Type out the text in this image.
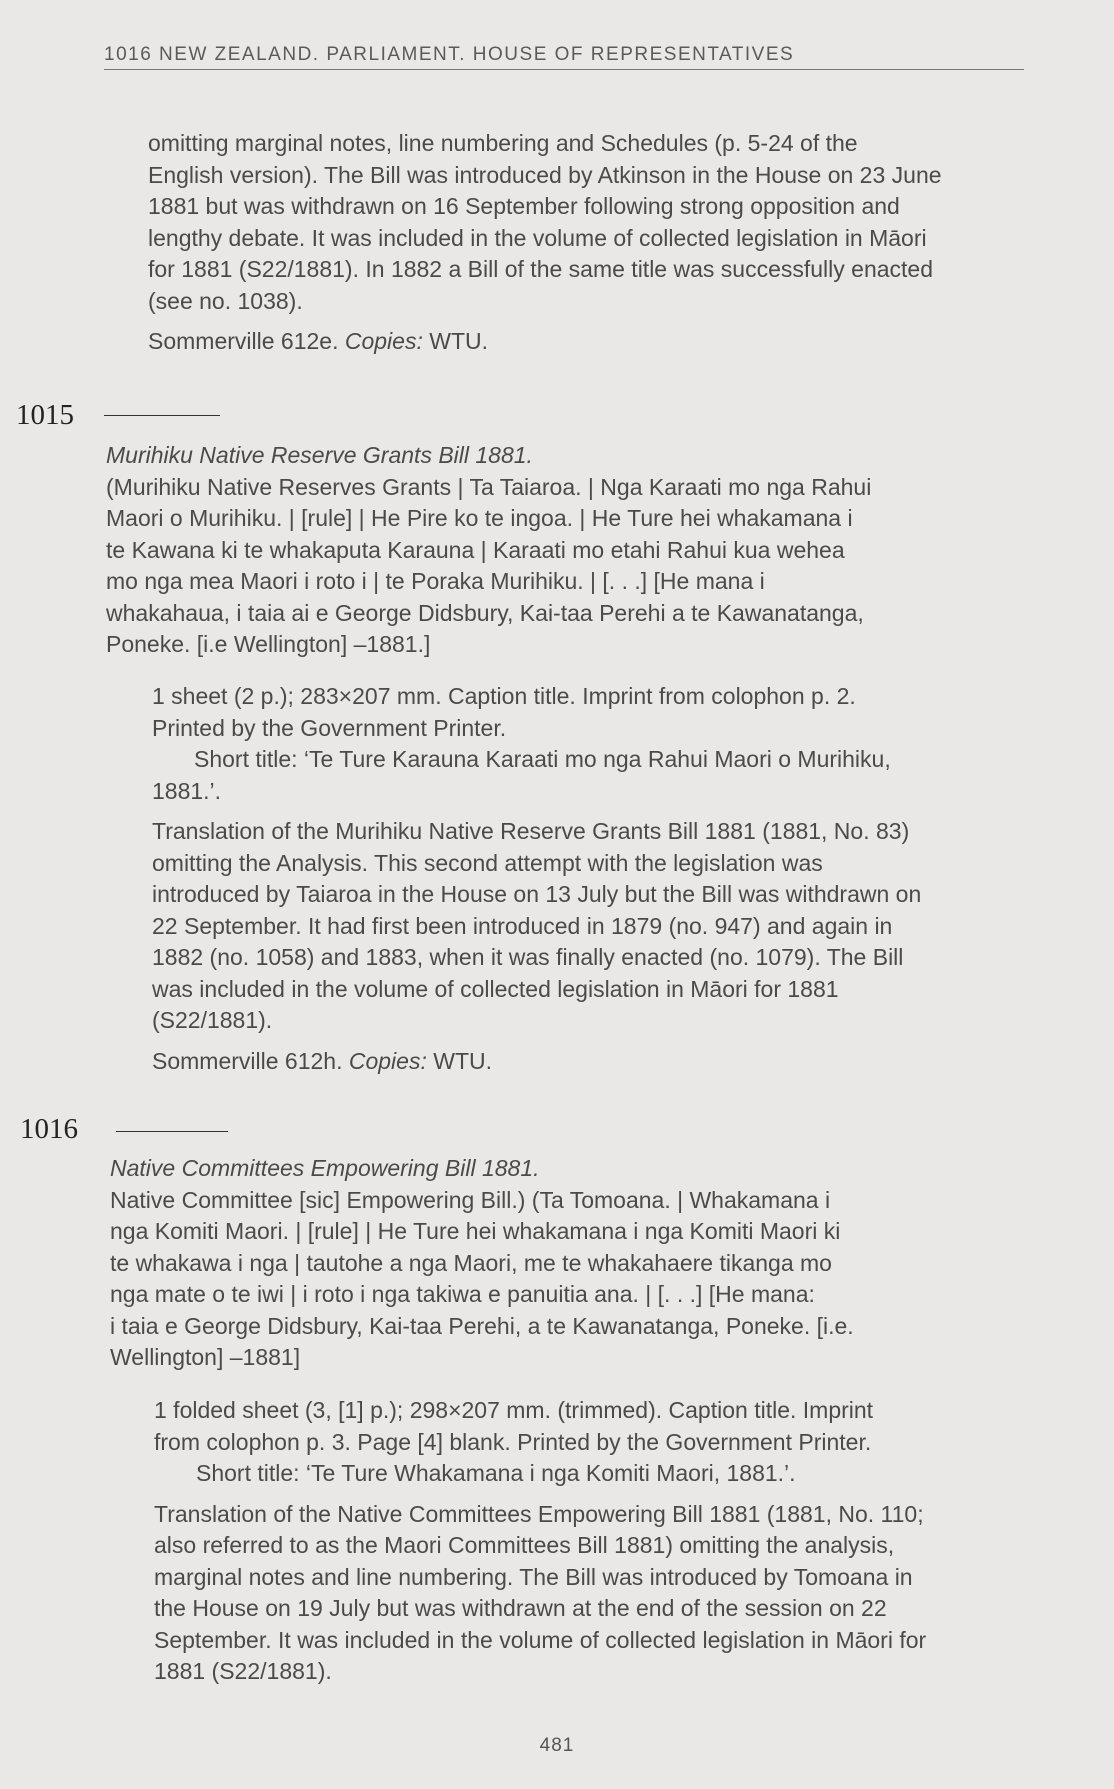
1016 NEW ZEALAND. PARLIAMENT. HOUSE OF REPRESENTATIVES

omitting marginal notes, line numbering and Schedules (p. 5-24 of the

English version). The Bill was introduced by Atkinson in the House on 23 June

1881 but was withdrawn on 16 September following strong opposition and

lengthy debate. It was included in the volume of collected legislation in Māori

for 1881 (S22/1881). In 1882 a Bill of the same title was successfully enacted

(see no. 1038).

Sommerville 612e. Copies: WTU.

1015

Murihiku Native Reserve Grants Bill 1881.

(Murihiku Native Reserves Grants | Ta Taiaroa. | Nga Karaati mo nga Rahui

Maori o Murihiku. | [rule] | He Pire ko te ingoa. | He Ture hei whakamana i

te Kawana ki te whakaputa Karauna | Karaati mo etahi Rahui kua wehea

mo nga mea Maori i roto i | te Poraka Murihiku. | [. . .] [He mana i

whakahaua, i taia ai e George Didsbury, Kai-taa Perehi a te Kawanatanga,

Poneke. [i.e Wellington] –1881.]

1 sheet (2 p.); 283×207 mm. Caption title. Imprint from colophon p. 2.

Printed by the Government Printer.

Short title: ‘Te Ture Karauna Karaati mo nga Rahui Maori o Murihiku,

1881.’.

Translation of the Murihiku Native Reserve Grants Bill 1881 (1881, No. 83)

omitting the Analysis. This second attempt with the legislation was

introduced by Taiaroa in the House on 13 July but the Bill was withdrawn on

22 September. It had first been introduced in 1879 (no. 947) and again in

1882 (no. 1058) and 1883, when it was finally enacted (no. 1079). The Bill

was included in the volume of collected legislation in Māori for 1881

(S22/1881).

Sommerville 612h. Copies: WTU.

1016

Native Committees Empowering Bill 1881.

Native Committee [sic] Empowering Bill.) (Ta Tomoana. | Whakamana i

nga Komiti Maori. | [rule] | He Ture hei whakamana i nga Komiti Maori ki

te whakawa i nga | tautohe a nga Maori, me te whakahaere tikanga mo

nga mate o te iwi | i roto i nga takiwa e panuitia ana. | [. . .] [He mana:

i taia e George Didsbury, Kai-taa Perehi, a te Kawanatanga, Poneke. [i.e.

Wellington] –1881]

1 folded sheet (3, [1] p.); 298×207 mm. (trimmed). Caption title. Imprint

from colophon p. 3. Page [4] blank. Printed by the Government Printer.

Short title: ‘Te Ture Whakamana i nga Komiti Maori, 1881.’.

Translation of the Native Committees Empowering Bill 1881 (1881, No. 110;

also referred to as the Maori Committees Bill 1881) omitting the analysis,

marginal notes and line numbering. The Bill was introduced by Tomoana in

the House on 19 July but was withdrawn at the end of the session on 22

September. It was included in the volume of collected legislation in Māori for

1881 (S22/1881).

481
